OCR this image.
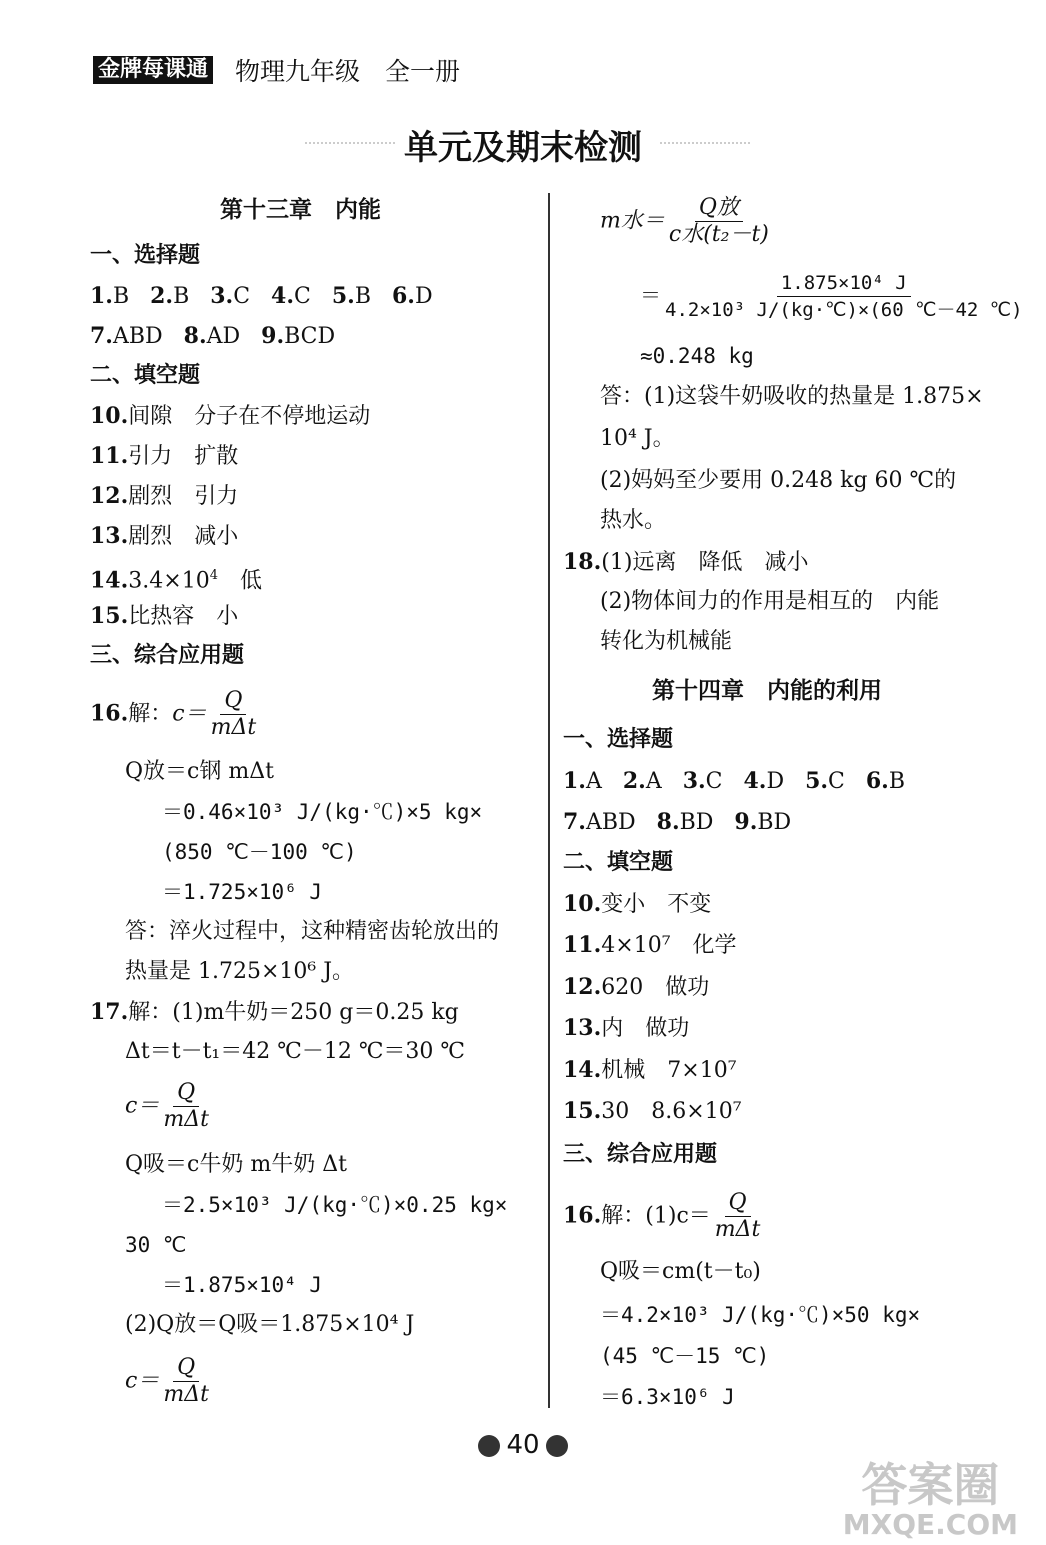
金牌每课通 物理九年级　全一册
单元及期末检测
第十三章　内能
一、选择题
1.B 2.B 3.C 4.C 5.B 6.D
7.ABD 8.AD 9.BCD
二、填空题
10.间隙　分子在不停地运动
11.引力　扩散
12.剧烈　引力
13.剧烈　减小
$14.3.4\times 10^4$　低
15.比热容　小
三、综合应用题
16.解：$c= \frac{Q}{\text{mΔt}}$
Q放＝c钢 mΔt
＝0.46×10³ J/(kg·℃)×5 kg×
(850 ℃－100 ℃)
＝1.725×10⁶ J
答：淬火过程中，这种精密齿轮放出的
热量是 1.725×10⁶ J。
17.解：(1)m牛奶＝250 g＝0.25 kg
Δt＝t－t₁＝42 ℃－12 ℃＝30 ℃
$c= \frac{Q}{\text{mΔt}}$
Q吸＝c牛奶 m牛奶 Δt
＝2.5×10³ J/(kg·℃)×0.25 kg×
30 ℃
＝1.875×10⁴ J
(2)Q放＝Q吸＝1.875×10⁴ J
$c= \frac{Q}{\text{mΔt}}$
m水＝ $\frac{\text{Q放}}{\text{c水(t₂－t)}}$
＝ $\frac{\text{1.875×10⁴ J}}{\text{4.2×10³ J/(kg·℃)×(60 ℃－42 ℃)}}$
≈0.248 kg
答：(1)这袋牛奶吸收的热量是 1.875×
10⁴ J。
(2)妈妈至少要用 0.248 kg 60 ℃的
热水。
18.(1)远离　降低　减小
(2)物体间力的作用是相互的　内能
转化为机械能
第十四章　内能的利用
一、选择题
1.A 2.A 3.C 4.D 5.C 6.B
7.ABD 8.BD 9.BD
二、填空题
10.变小　不变
11.4×10⁷　化学
12.620　做功
13.内　做功
14.机械　7×10⁷
15.30　8.6×10⁷
三、综合应用题
16.解：$(1)c= \frac{Q}{\text{mΔt}}$
Q吸＝cm(t－t₀)
＝4.2×10³ J/(kg·℃)×50 kg×
(45 ℃－15 ℃)
＝6.3×10⁶ J
40
答案圈
MXQE.COM
